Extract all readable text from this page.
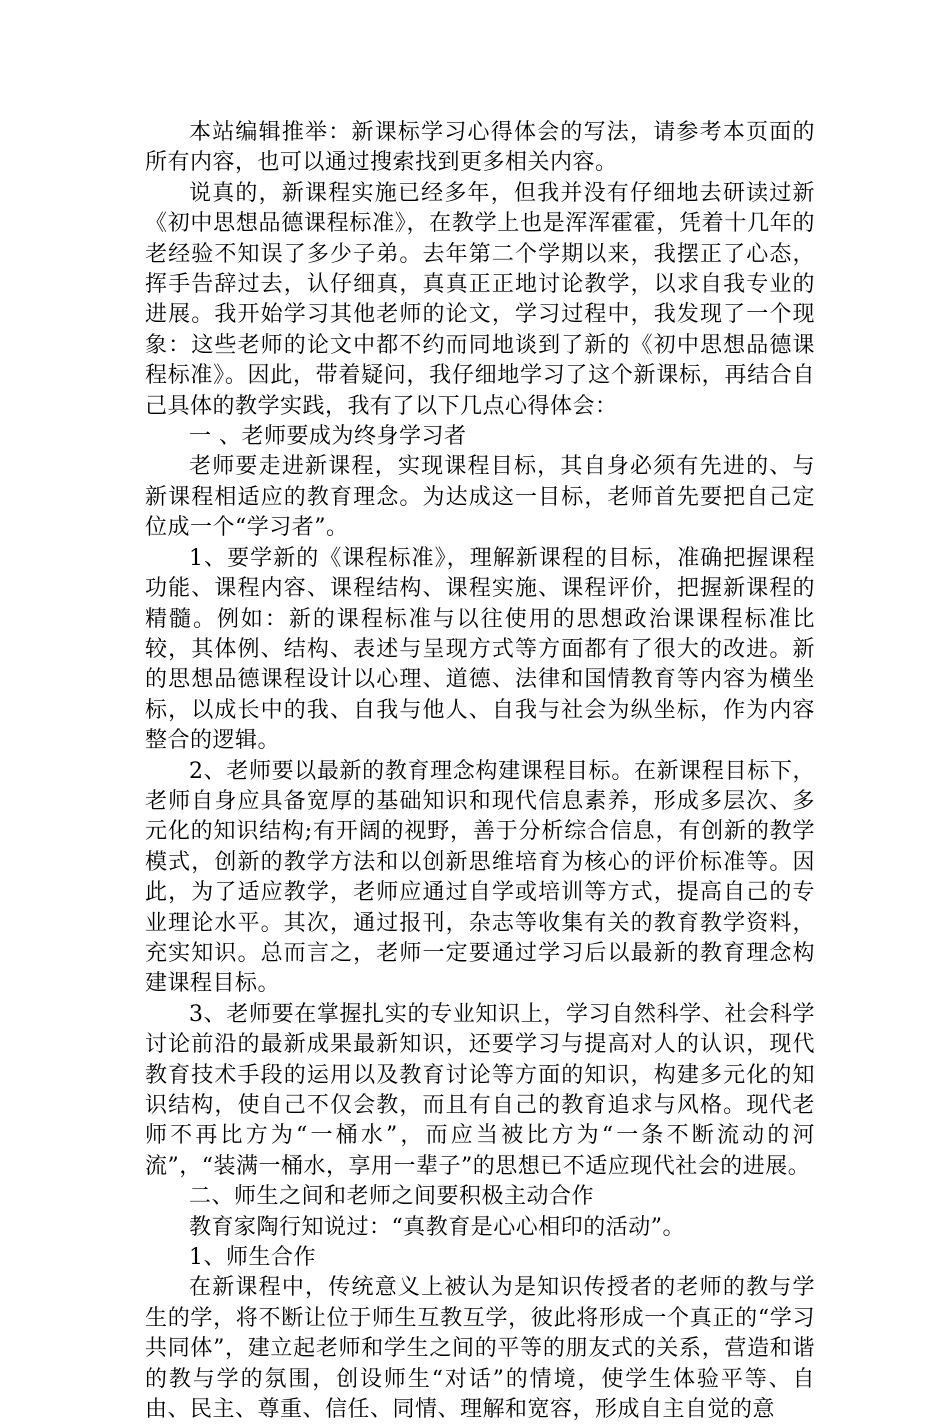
本站编辑推举：新课标学习心得体会的写法，请参考本页面的所有内容，也可以通过搜索找到更多相关内容。

说真的，新课程实施已经多年，但我并没有仔细地去研读过新《初中思想品德课程标准》，在教学上也是浑浑霍霍，凭着十几年的老经验不知误了多少子弟。去年第二个学期以来，我摆正了心态，挥手告辞过去，认仔细真，真真正正地讨论教学，以求自我专业的进展。我开始学习其他老师的论文，学习过程中，我发现了一个现象：这些老师的论文中都不约而同地谈到了新的《初中思想品德课程标准》。因此，带着疑问，我仔细地学习了这个新课标，再结合自己具体的教学实践，我有了以下几点心得体会：

一 、老师要成为终身学习者

老师要走进新课程，实现课程目标，其自身必须有先进的、与新课程相适应的教育理念。为达成这一目标，老师首先要把自己定位成一个“学习者”。

1、要学新的《课程标准》，理解新课程的目标，准确把握课程功能、课程内容、课程结构、课程实施、课程评价，把握新课程的精髓。例如：新的课程标准与以往使用的思想政治课课程标准比较，其体例、结构、表述与呈现方式等方面都有了很大的改进。新的思想品德课程设计以心理、道德、法律和国情教育等内容为横坐标，以成长中的我、自我与他人、自我与社会为纵坐标，作为内容整合的逻辑。

2、老师要以最新的教育理念构建课程目标。在新课程目标下，老师自身应具备宽厚的基础知识和现代信息素养，形成多层次、多元化的知识结构;有开阔的视野，善于分析综合信息，有创新的教学模式，创新的教学方法和以创新思维培育为核心的评价标准等。因此，为了适应教学，老师应通过自学或培训等方式，提高自己的专业理论水平。其次，通过报刊，杂志等收集有关的教育教学资料，充实知识。总而言之，老师一定要通过学习后以最新的教育理念构建课程目标。

3、老师要在掌握扎实的专业知识上，学习自然科学、社会科学讨论前沿的最新成果最新知识，还要学习与提高对人的认识，现代教育技术手段的运用以及教育讨论等方面的知识，构建多元化的知识结构，使自己不仅会教，而且有自己的教育追求与风格。现代老师不再比方为“一桶水”，而应当被比方为“一条不断流动的河流”，“装满一桶水，享用一辈子”的思想已不适应现代社会的进展。

二、师生之间和老师之间要积极主动合作

教育家陶行知说过：“真教育是心心相印的活动”。

1、师生合作

在新课程中，传统意义上被认为是知识传授者的老师的教与学生的学，将不断让位于师生互教互学，彼此将形成一个真正的“学习共同体”，建立起老师和学生之间的平等的朋友式的关系，营造和谐的教与学的氛围，创设师生“对话”的情境，使学生体验平等、自由、民主、尊重、信任、同情、理解和宽容，形成自主自觉的意
